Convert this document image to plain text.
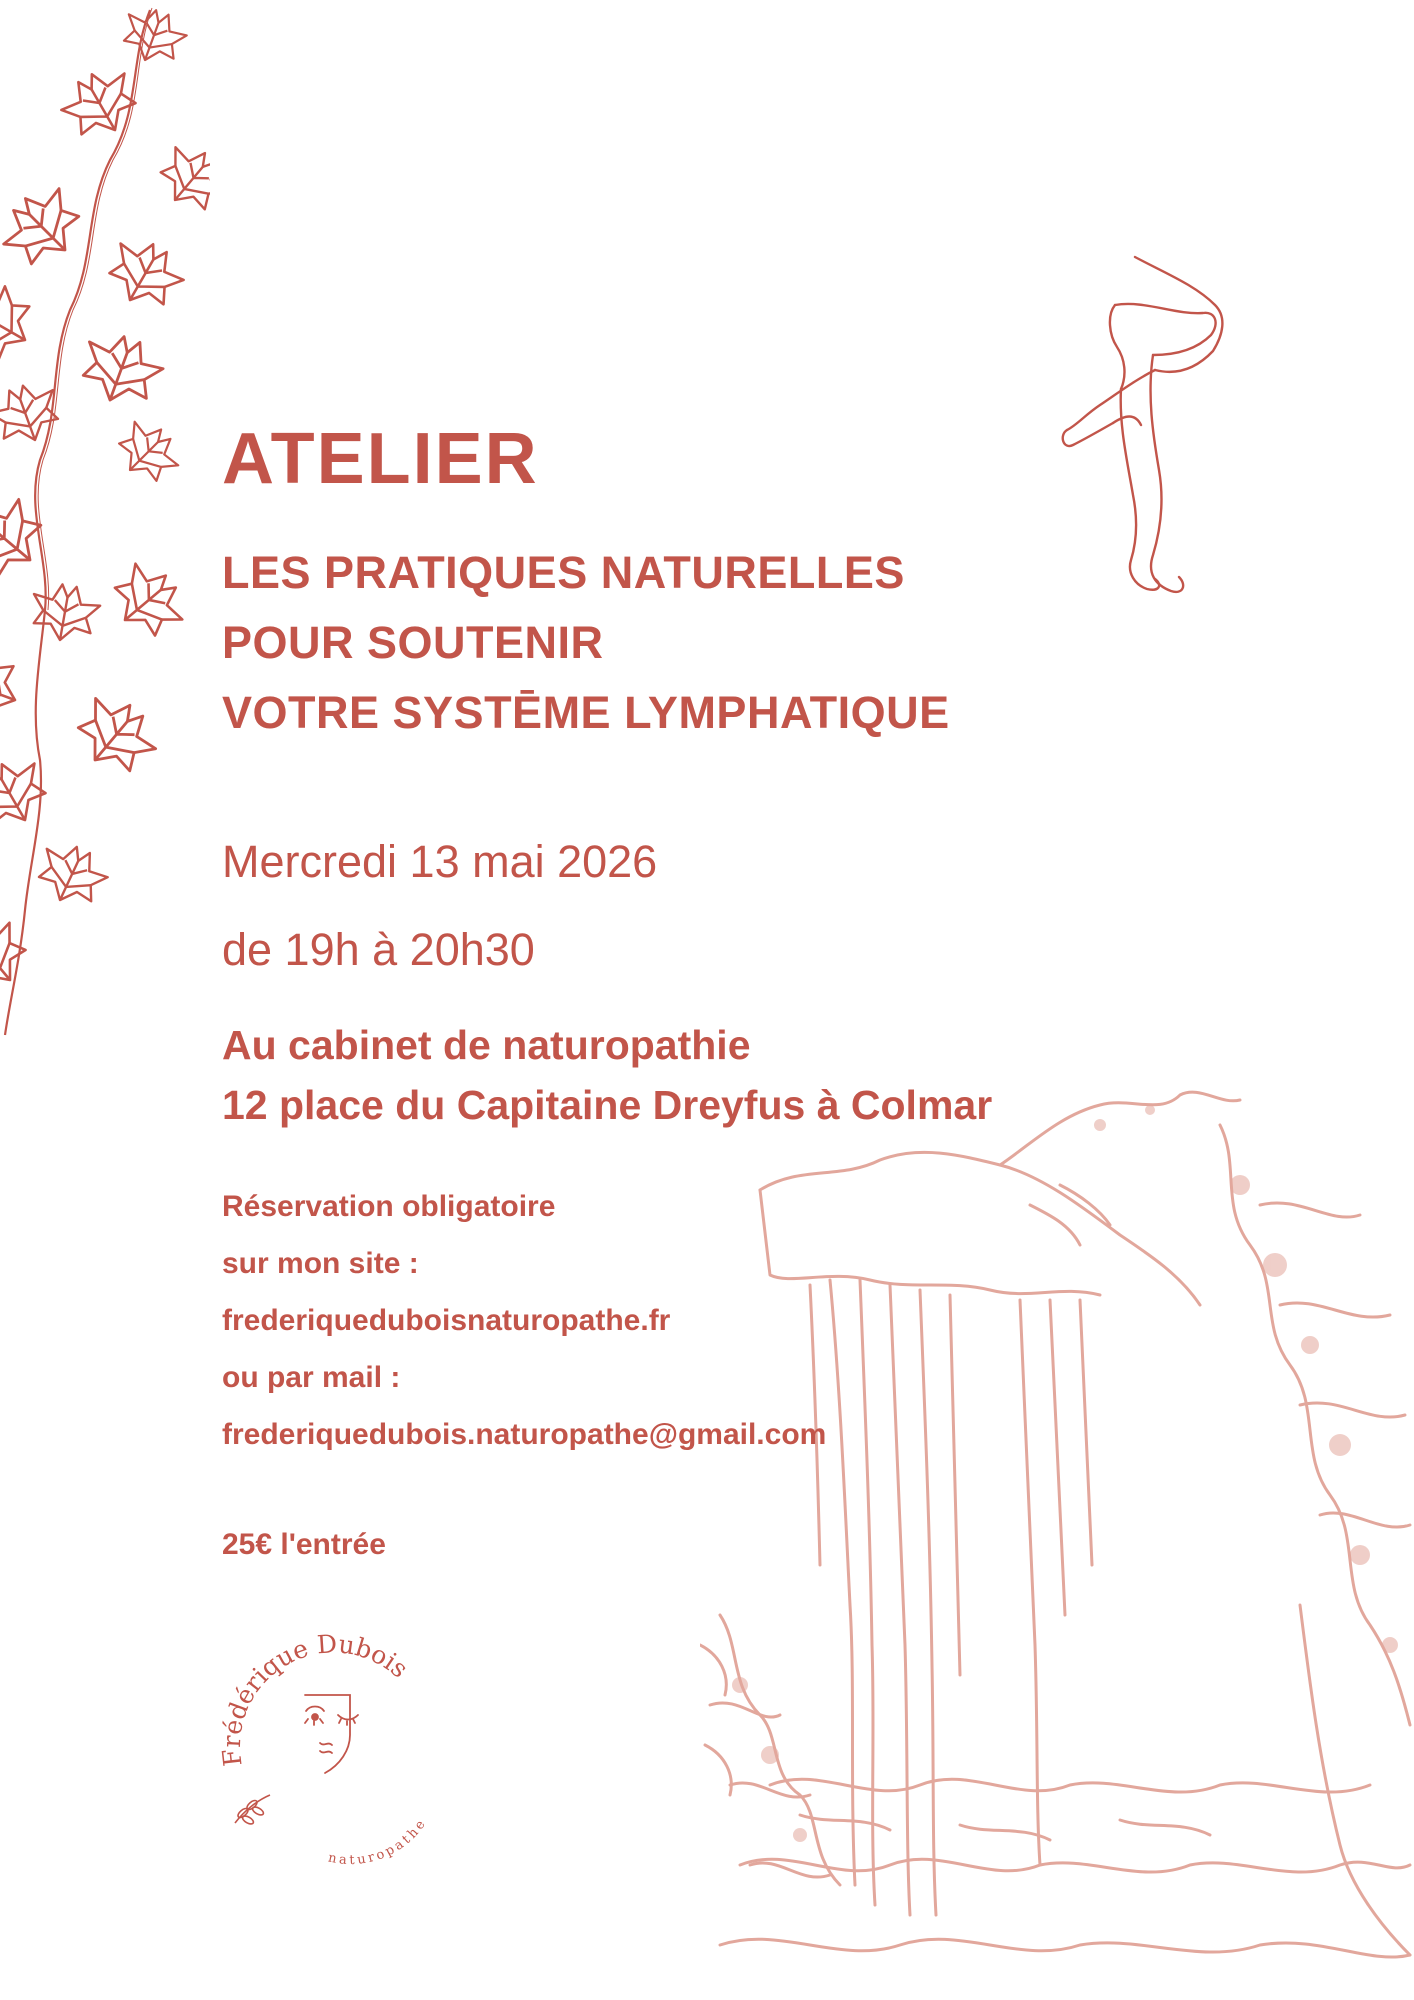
ATELIER
LES PRATIQUES NATURELLES
POUR SOUTENIR
VOTRE SYSTĒME LYMPHATIQUE
Mercredi 13 mai 2026
de 19h à 20h30
Au cabinet de naturopathie
12 place du Capitaine Dreyfus à Colmar
Réservation obligatoire
sur mon site :
frederiqueduboisnaturopathe.fr
ou par mail :
frederiquedubois.naturopathe@gmail.com
25€ l'entrée
Frédérique Dubois
naturopathe
